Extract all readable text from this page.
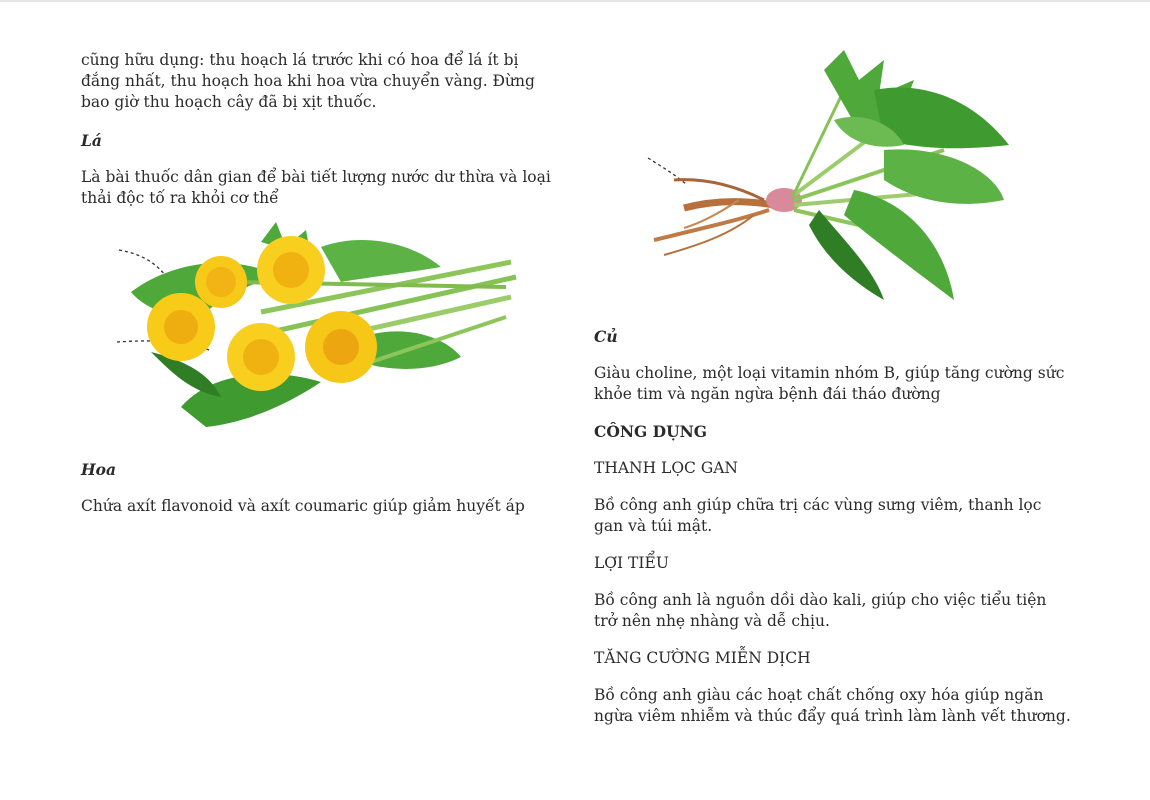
cũng hữu dụng: thu hoạch lá trước khi có hoa để lá ít bị đắng nhất, thu hoạch hoa khi hoa vừa chuyển vàng. Đừng bao giờ thu hoạch cây đã bị xịt thuốc.

Lá

Là bài thuốc dân gian để bài tiết lượng nước dư thừa và loại thải độc tố ra khỏi cơ thể

Hoa

Chứa axít flavonoid và axít coumaric giúp giảm huyết áp

Củ

Giàu choline, một loại vitamin nhóm B, giúp tăng cường sức khỏe tim và ngăn ngừa bệnh đái tháo đường

CÔNG DỤNG

THANH LỌC GAN

Bồ công anh giúp chữa trị các vùng sưng viêm, thanh lọc gan và túi mật.

LỢI TIỂU

Bồ công anh là nguồn dồi dào kali, giúp cho việc tiểu tiện trở nên nhẹ nhàng và dễ chịu.

TĂNG CƯỜNG MIỄN DỊCH

Bồ công anh giàu các hoạt chất chống oxy hóa giúp ngăn ngừa viêm nhiễm và thúc đẩy quá trình làm lành vết thương.
